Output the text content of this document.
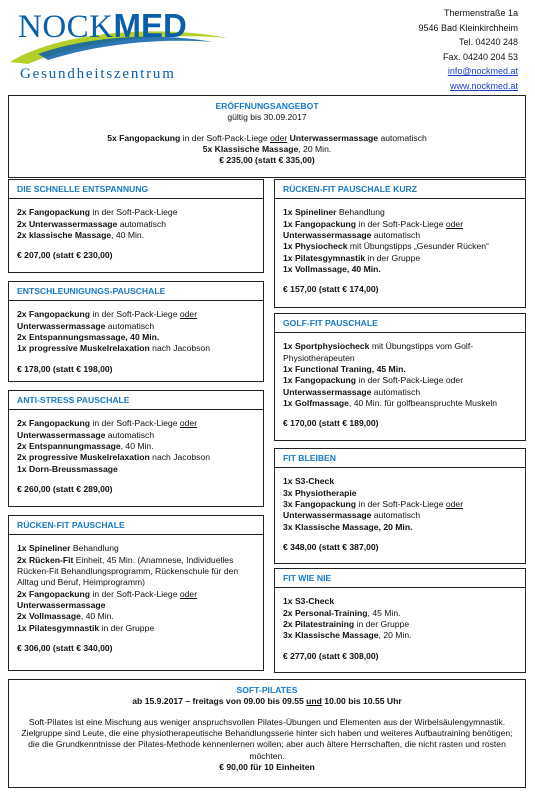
NOCKMED
Gesundheitszentrum
Thermenstraße 1a
9546 Bad Kleinkirchheim
Tel. 04240 248
Fax. 04240 204 53
info@nockmed.at
www.nockmed.at
ERÖFFNUNGSANGEBOT
gültig bis 30.09.2017
5x Fangopackung in der Soft-Pack-Liege oder Unterwassermassage automatisch
5x Klassische Massage, 20 Min.
€ 235,00 (statt € 335,00)
DIE SCHNELLE ENTSPANNUNG
2x Fangopackung in der Soft-Pack-Liege
2x Unterwassermassage automatisch
2x klassische Massage, 40 Min.
€ 207,00 (statt € 230,00)
ENTSCHLEUNIGUNGS-PAUSCHALE
2x Fangopackung in der Soft-Pack-Liege oder
Unterwassermassage automatisch
2x Entspannungsmassage, 40 Min.
1x progressive Muskelrelaxation nach Jacobson
€ 178,00 (statt € 198,00)
ANTI-STRESS PAUSCHALE
2x Fangopackung in der Soft-Pack-Liege oder
Unterwassermassage automatisch
2x Entspannungmassage, 40 Min.
2x progressive Muskelrelaxation nach Jacobson
1x Dorn-Breussmassage
€ 260,00 (statt € 289,00)
RÜCKEN-FIT PAUSCHALE
1x Spineliner Behandlung
2x Rücken-Fit Einheit, 45 Min. (Anamnese, Individuelles
Rücken-Fit Behandlungsprogramm, Rückenschule für den
Alltag und Beruf, Heimprogramm)
2x Fangopackung in der Soft-Pack-Liege oder
Unterwassermassage
2x Vollmassage, 40 Min.
1x Pilatesgymnastik in der Gruppe
€ 306,00 (statt € 340,00)
RÜCKEN-FIT PAUSCHALE KURZ
1x Spineliner Behandlung
1x Fangopackung in der Soft-Pack-Liege oder
Unterwassermassage automatisch
1x Physiocheck mit Übungstipps „Gesunder Rücken“
1x Pilatesgymnastik in der Gruppe
1x Vollmassage, 40 Min.
€ 157,00 (statt € 174,00)
GOLF-FIT PAUSCHALE
1x Sportphysiocheck mit Übungstipps vom Golf-
Physiotherapeuten
1x Functional Traning, 45 Min.
1x Fangopackung in der Soft-Pack-Liege oder
Unterwassermassage automatisch
1x Golfmassage, 40 Min. für golfbeanspruchte Muskeln
€ 170,00 (statt € 189,00)
FIT BLEIBEN
1x S3-Check
3x Physiotherapie
3x Fangopackung in der Soft-Pack-Liege oder
Unterwassermassage automatisch
3x Klassische Massage, 20 Min.
€ 348,00 (statt € 387,00)
FIT WIE NIE
1x S3-Check
2x Personal-Training, 45 Min.
2x Pilatestraining in der Gruppe
3x Klassische Massage, 20 Min.
€ 277,00 (statt € 308,00)
SOFT-PILATES
ab 15.9.2017 – freitags von 09.00 bis 09.55 und 10.00 bis 10.55 Uhr
Soft-Pilates ist eine Mischung aus weniger anspruchsvollen Pilates-Übungen und Elementen aus der Wirbelsäulengymnastik. Zielgruppe sind Leute, die eine physiotherapeutische Behandlungsserie hinter sich haben und weiteres Aufbautraining benötigen; die die Grundkenntnisse der Pilates-Methode kennenlernen wollen; aber auch ältere Herrschaften, die nicht rasten und rosten möchten.
€ 90,00 für 10 Einheiten
